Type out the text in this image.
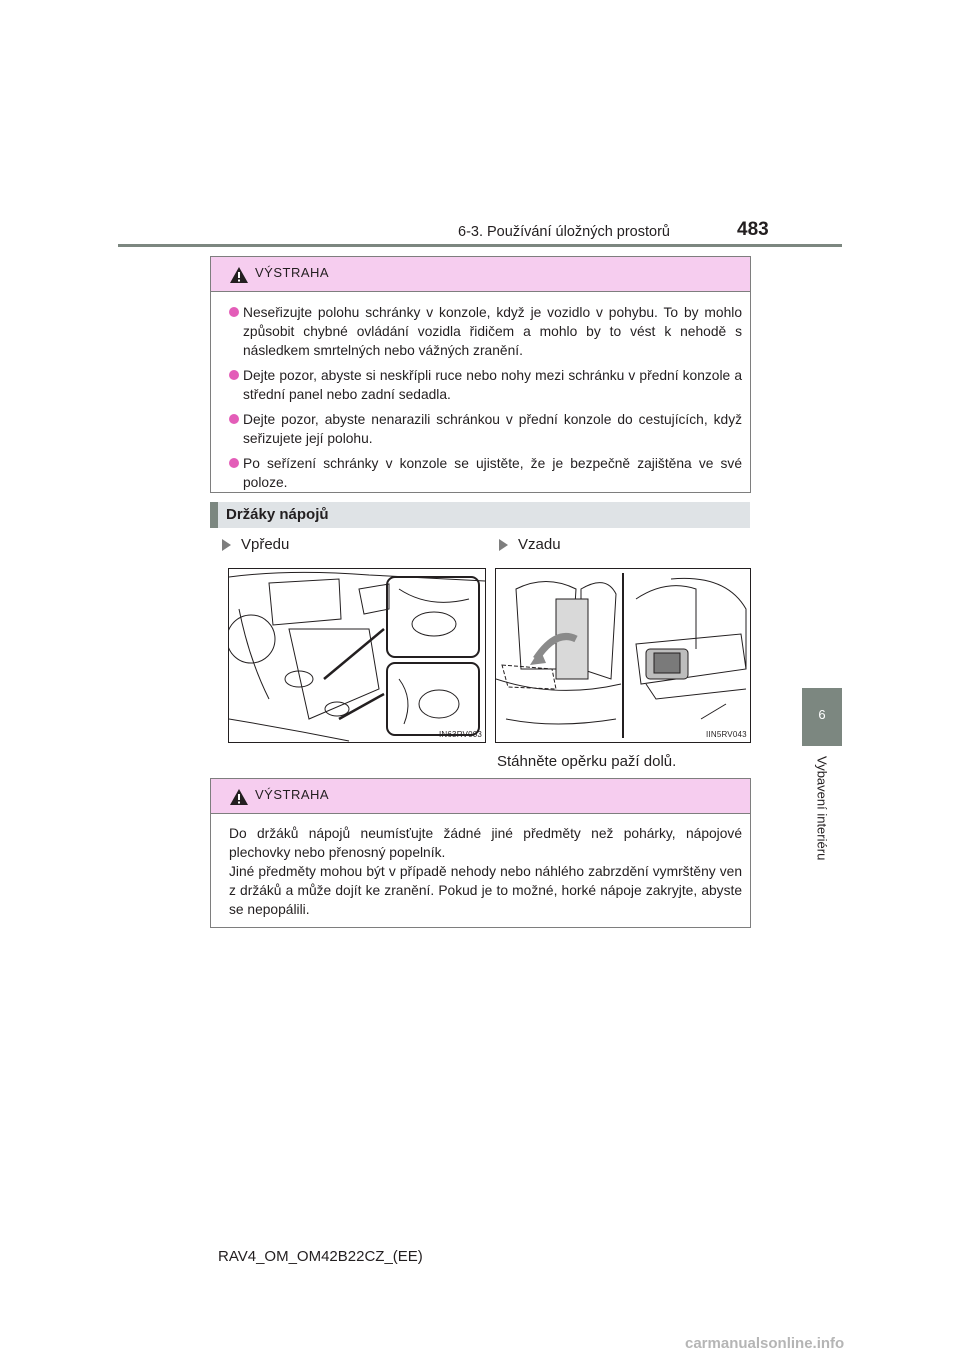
6-3. Používání úložných prostorů	483
6
Vybavení interiéru
VÝSTRAHA
Neseřizujte polohu schránky v konzole, když je vozidlo v pohybu. To by mohlo způsobit chybné ovládání vozidla řidičem a mohlo by to vést k nehodě s následkem smrtelných nebo vážných zranění.
Dejte pozor, abyste si neskřípli ruce nebo nohy mezi schránku v přední konzole a střední panel nebo zadní sedadla.
Dejte pozor, abyste nenarazili schránkou v přední konzole do cestujících, když seřizujete její polohu.
Po seřízení schránky v konzole se ujistěte, že je bezpečně zajištěna ve své poloze.
Držáky nápojů
Vpředu	Vzadu
IN63RV003	IIN5RV043
Stáhněte opěrku paží dolů.
VÝSTRAHA
Do držáků nápojů neumísťujte žádné jiné předměty než pohárky, nápojové plechovky nebo přenosný popelník.
Jiné předměty mohou být v případě nehody nebo náhlého zabrzdění vymrštěny ven z držáků a může dojít ke zranění. Pokud je to možné, horké nápoje zakryjte, abyste se nepopálili.
RAV4_OM_OM42B22CZ_(EE)
carmanualsonline.info
